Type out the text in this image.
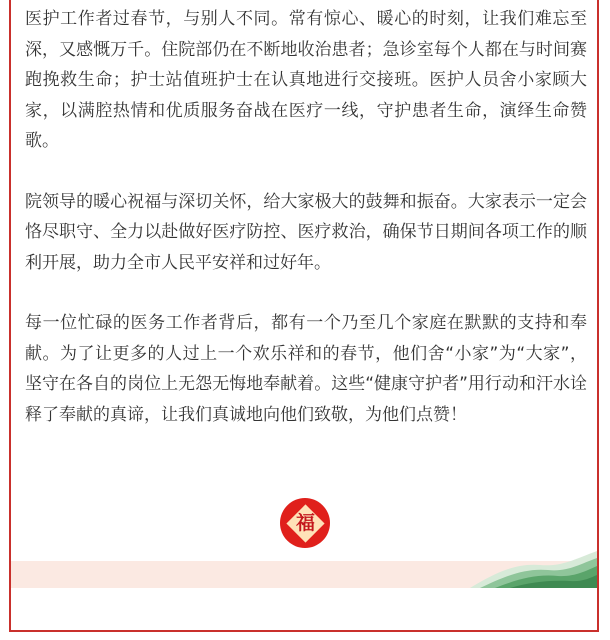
医护工作者过春节，与别人不同。常有惊心、暖心的时刻，让我们难忘至深，又感慨万千。住院部仍在不断地收治患者；急诊室每个人都在与时间赛跑挽救生命；护士站值班护士在认真地进行交接班。医护人员舍小家顾大家，以满腔热情和优质服务奋战在医疗一线，守护患者生命，演绎生命赞歌。

院领导的暖心祝福与深切关怀，给大家极大的鼓舞和振奋。大家表示一定会恪尽职守、全力以赴做好医疗防控、医疗救治，确保节日期间各项工作的顺利开展，助力全市人民平安祥和过好年。

每一位忙碌的医务工作者背后，都有一个乃至几个家庭在默默的支持和奉献。为了让更多的人过上一个欢乐祥和的春节，他们舍“小家”为“大家”，坚守在各自的岗位上无怨无悔地奉献着。这些“健康守护者”用行动和汗水诠释了奉献的真谛，让我们真诚地向他们致敬，为他们点赞！

福
